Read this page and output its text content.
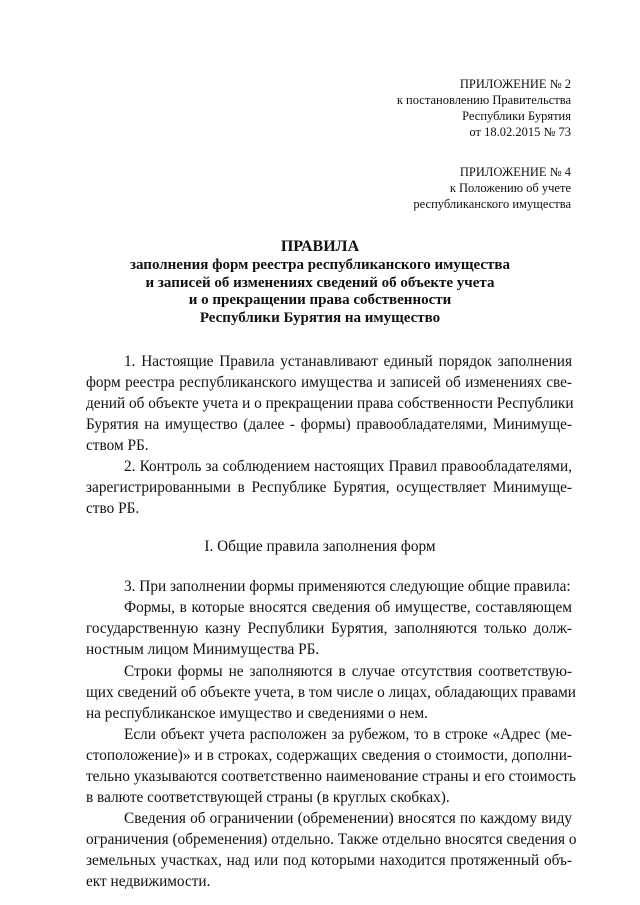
ПРИЛОЖЕНИЕ № 2
к постановлению Правительства
Республики Бурятия
от 18.02.2015 № 73
ПРИЛОЖЕНИЕ № 4
к Положению об учете
республиканского имущества
ПРАВИЛА
заполнения форм реестра республиканского имущества
и записей об изменениях сведений об объекте учета
и о прекращении права собственности
Республики Бурятия на имущество
1. Настоящие Правила устанавливают единый порядок заполнения
форм реестра республиканского имущества и записей об изменениях све-
дений об объекте учета и о прекращении права собственности Республики
Бурятия на имущество (далее - формы) правообладателями, Минимуще-
ством РБ.
2. Контроль за соблюдением настоящих Правил правообладателями,
зарегистрированными в Республике Бурятия, осуществляет Минимуще-
ство РБ.
I. Общие правила заполнения форм
3. При заполнении формы применяются следующие общие правила:
Формы, в которые вносятся сведения об имуществе, составляющем
государственную казну Республики Бурятия, заполняются только долж-
ностным лицом Минимущества РБ.
Строки формы не заполняются в случае отсутствия соответствую-
щих сведений об объекте учета, в том числе о лицах, обладающих правами
на республиканское имущество и сведениями о нем.
Если объект учета расположен за рубежом, то в строке «Адрес (ме-
стоположение)» и в строках, содержащих сведения о стоимости, дополни-
тельно указываются соответственно наименование страны и его стоимость
в валюте соответствующей страны (в круглых скобках).
Сведения об ограничении (обременении) вносятся по каждому виду
ограничения (обременения) отдельно. Также отдельно вносятся сведения о
земельных участках, над или под которыми находится протяженный объ-
ект недвижимости.
